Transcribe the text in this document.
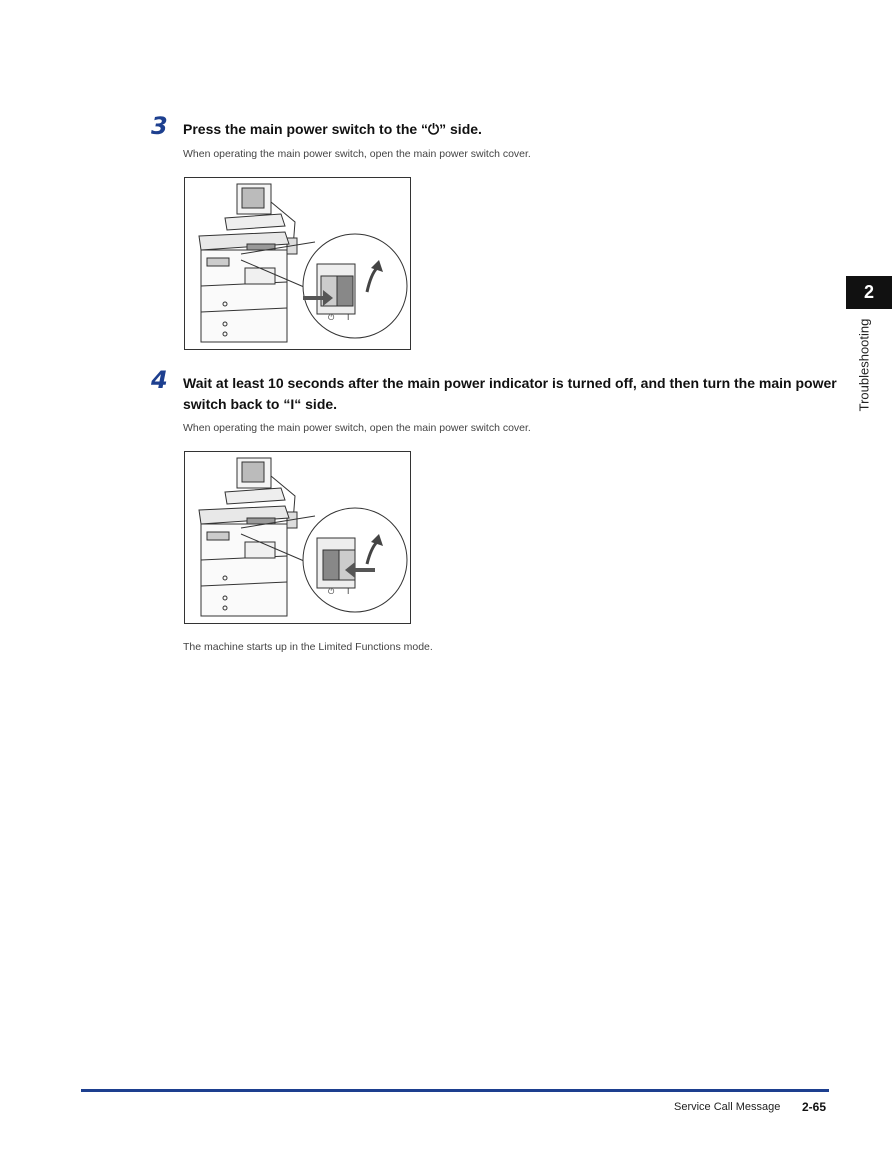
3 Press the main power switch to the “⏻” side.
When operating the main power switch, open the main power switch cover.
⏻ I
4 Wait at least 10 seconds after the main power indicator is turned off, and then turn the main power
switch back to “I“ side.
When operating the main power switch, open the main power switch cover.
⏻ I
The machine starts up in the Limited Functions mode.
2
Troubleshooting
Service Call Message 2-65
